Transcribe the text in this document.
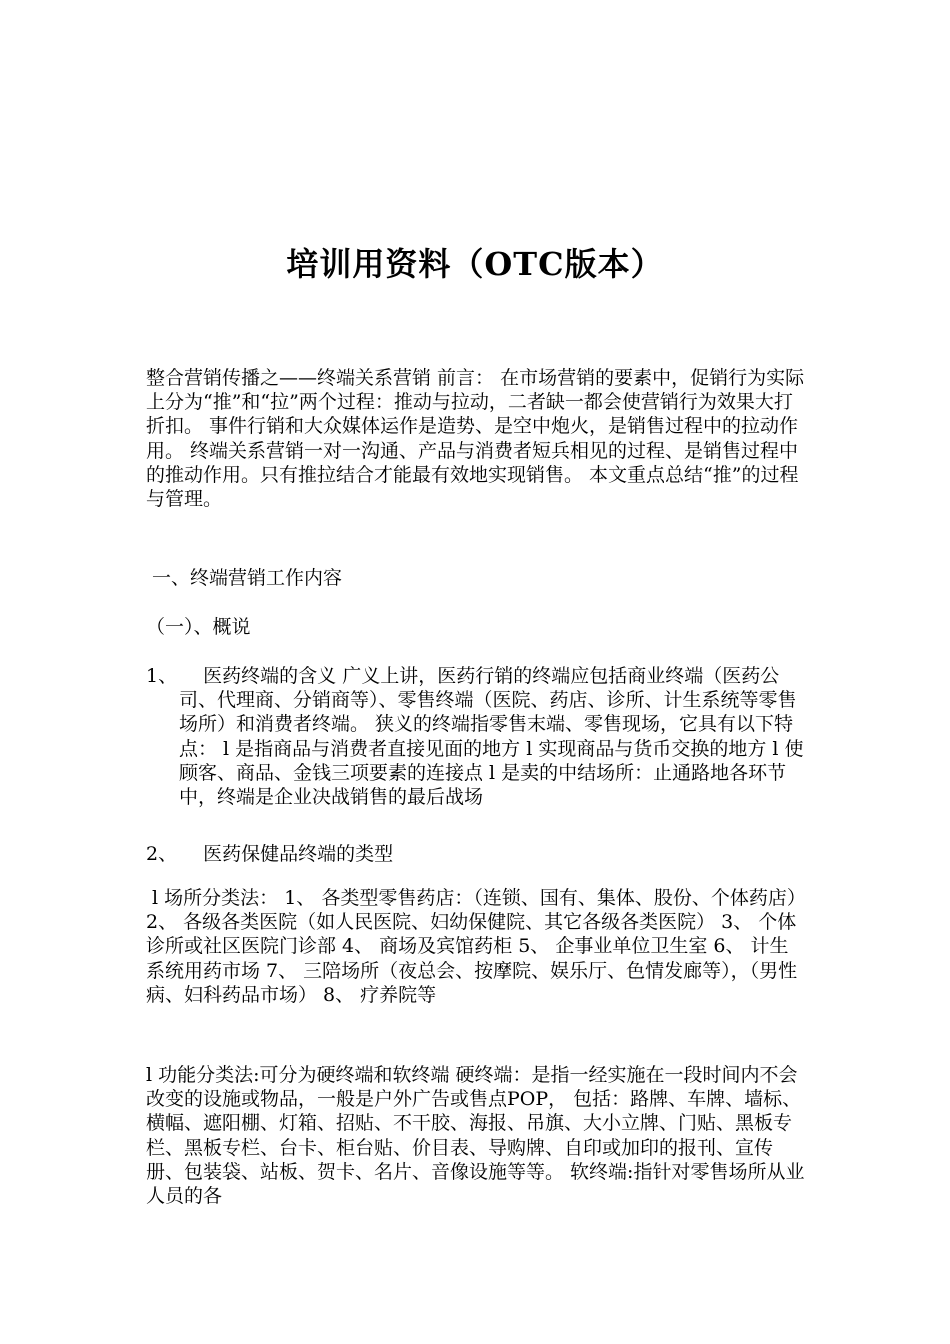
培训用资料（OTC版本）

整合营销传播之——终端关系营销 前言： 在市场营销的要素中，促销行为实际上分为“推”和“拉”两个过程：推动与拉动，二者缺一都会使营销行为效果大打折扣。 事件行销和大众媒体运作是造势、是空中炮火，是销售过程中的拉动作用。 终端关系营销一对一沟通、产品与消费者短兵相见的过程、是销售过程中的推动作用。只有推拉结合才能最有效地实现销售。 本文重点总结“推”的过程与管理。

一、终端营销工作内容

（一）、概说

1、 医药终端的含义 广义上讲，医药行销的终端应包括商业终端（医药公司、代理商、分销商等）、零售终端（医院、药店、诊所、计生系统等零售场所）和消费者终端。 狭义的终端指零售末端、零售现场，它具有以下特点： l 是指商品与消费者直接见面的地方 l 实现商品与货币交换的地方 l 使顾客、商品、金钱三项要素的连接点 l 是卖的中结场所：止通路地各环节中，终端是企业决战销售的最后战场
2、 医药保健品终端的类型

l 场所分类法： 1、 各类型零售药店：（连锁、国有、集体、股份、个体药店） 2、 各级各类医院（如人民医院、妇幼保健院、其它各级各类医院） 3、 个体诊所或社区医院门诊部 4、 商场及宾馆药柜 5、 企事业单位卫生室 6、 计生系统用药市场 7、 三陪场所（夜总会、按摩院、娱乐厅、色情发廊等），（男性病、妇科药品市场） 8、 疗养院等

l 功能分类法:可分为硬终端和软终端 硬终端：是指一经实施在一段时间内不会改变的设施或物品，一般是户外广告或售点POP， 包括：路牌、车牌、墙标、横幅、遮阳棚、灯箱、招贴、不干胶、海报、吊旗、大小立牌、门贴、黑板专栏、黑板专栏、台卡、柜台贴、价目表、导购牌、自印或加印的报刊、宣传册、包装袋、站板、贺卡、名片、音像设施等等。 软终端:指针对零售场所从业人员的各
